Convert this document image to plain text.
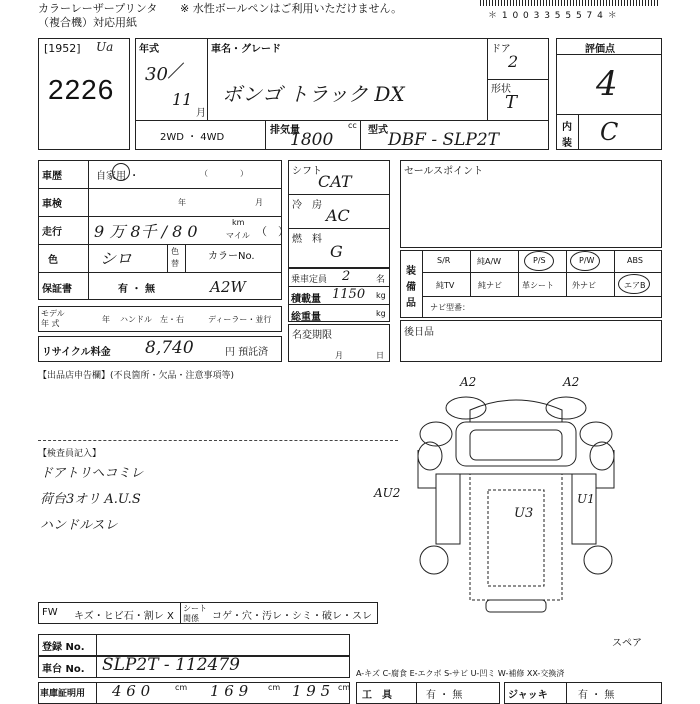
カラーレーザープリンタ ※ 水性ボールペンはご利用いただけません。
（複合機）対応用紙	＊ 1 0 0 3 3 5 5 5 7 4 ＊
[1952] Ua
2226
年式
30
11
月
車名・グレード
ボンゴ トラック DX
ドア
2
形状
T
2WD ・ 4WD
排気量	cc
1800	型式 DBF - SLP2T
評価点
4
内
装 C
車歴	自家用 ・	（　　　　）
車検	年	月
走行 9 万 8千 / 8 0	km
マイル （　）
色	シロ	色
替
カラーNo.
保証書	有 ・ 無	A2W
モデル
年 式	年 ハンドル　左・右	ディーラー・並行
リサイクル料金 8,740	円 預託済
シフト
CAT
冷　房
AC
燃　料
G
乗車定員 2	名
積載量 1150 kg
総重量	kg
名変期限
月	日
セールスポイント
装
備
品
S/R	純A/W	P/S	P/W	ABS
純TV	純ナビ	革シート 外ナビ	エアB
ナビ型番：
後日品
【出品店申告欄】(不良箇所・欠品・注意事項等)
【検査員記入】
ドアトリヘコミレ
荷台3オリ A.U.S
ハンドルスレ
A2	A2
AU2
U3
U1
スペア
FW キズ・ヒビ石・割レ X
シート
関係 コゲ・穴・汚レ・シミ・破レ・スレ
登録 No.
車台 No. SLP2T - 112479	A-キズ C-腐食 E-エクボ S-サビ U-凹ミ W-補修 XX-交換済
車庫証明用 4 6 0	cm 1 6 9 cm 1 9 5 cm
工　具	有 ・ 無	ジャッキ	有 ・ 無
